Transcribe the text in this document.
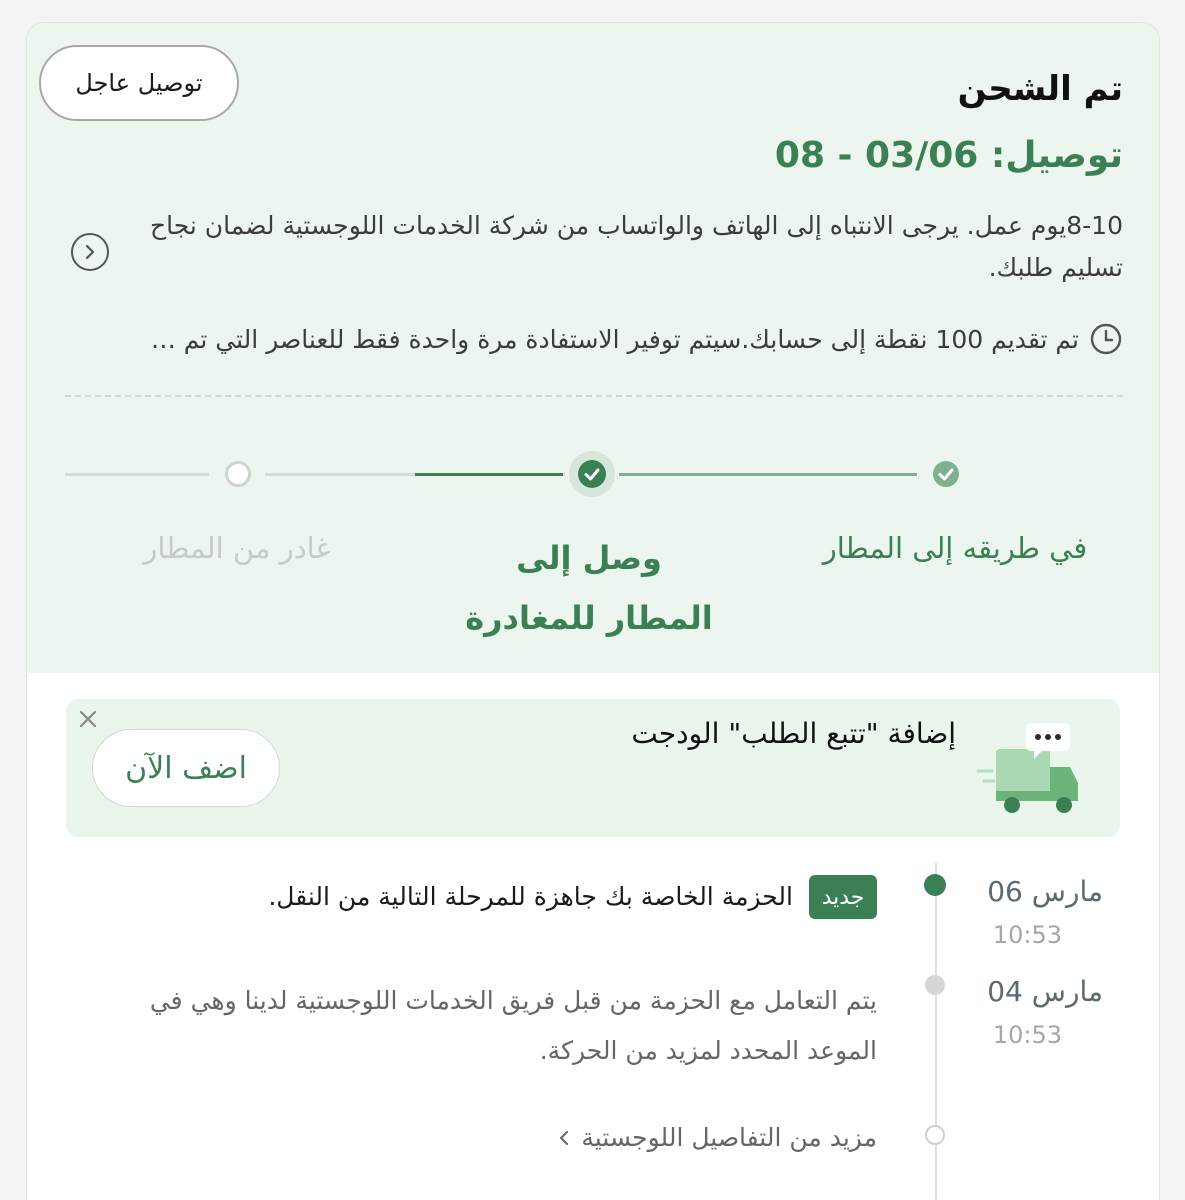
توصيل عاجل	تم الشحن
توصيل: 03/06 - 08
8-10يوم عمل. يرجى الانتباه إلى الهاتف والواتساب من شركة الخدمات اللوجستية لضمان نجاح تسليم طلبك.
تم تقديم 100 نقطة إلى حسابك.سيتم توفير الاستفادة مرة واحدة فقط للعناصر التي تم …
في طريقه إلى المطار
وصل إلى المطار للمغادرة
غادر من المطار
اضف الآن
إضافة "تتبع الطلب" الودجت
مارس 06
10:53
جديد
الحزمة الخاصة بك جاهزة للمرحلة التالية من النقل.
مارس 04
10:53
يتم التعامل مع الحزمة من قبل فريق الخدمات اللوجستية لدينا وهي في الموعد المحدد لمزيد من الحركة.
مزيد من التفاصيل اللوجستية
